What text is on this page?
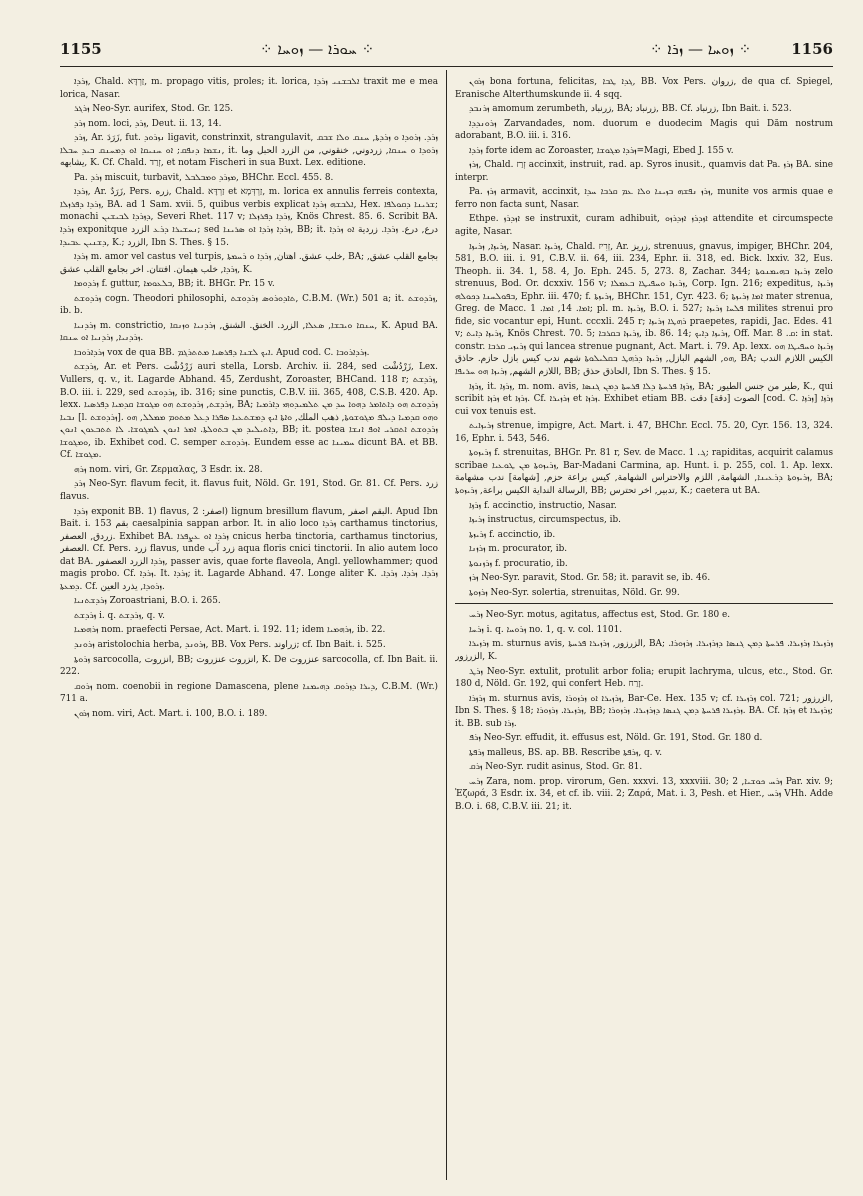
1155	⁘ ܚܘܪܐ — ܙܘܚܐ ⁘	⁘ ܙܘܚܐ — ܙܪܐ ⁘	1156

ܙܪܕܐ, Chald. זַרְדָּא, m. propago vitis, proles; it. lorica, ܐܠܒܫܢܝ ܙܪܕܐ traxit me e mea lorica, Nasar.

ܙܪܓܪ Neo-Syr. aurifex, Stod. Gr. 125.

ܙܪܕ nom. loci, ܙܪܕ, Deut. ii. 13, 14.

ܙܪܕ, Ar. زَرَدَ, fut. ܢܙܪܘܕ ligavit, constrinxit, strangulavit, ܙܪܕ. ܙܪܘܕܐ ܘ ܙܪܕܬܐ, ܚܢܩ ܘܠܐ ܫܒܩ ܢܫܡܐ ܕܢܦܩ; ܐܘ ܚܢܝܩܐ ܐܘ ܕܡܚܢܩ ܒܝܕ ܚܒܠܐ, it. ܙܪܘܕܐ ܘ ܚܢܩܐ, زردوني, خنقوني, من الزرد الحبل وما يشابهه, K. Cf. Chald. זְרַד, et notam Fischeri in sua Buxt. Lex. editione.

Pa. ܙܪܕ miscuit, turbavit, ܡܙܪܕ ܘܡܒܠܒܠ, BHChr. Eccl. 455. 8.

ܙܪܕܐ, Ar. زَرَدٌ, Pers. زره, Chald. זַרְדָּא et זַרְדְּמָא, m. lorica ex annulis ferreis contexta, ܙܪܕܐ ܕܦܪܙܠܐ, BA. ad 1 Sam. xvii. 5, quibus verbis explicat ܐܠܒܫܗ ܙܪܕܐ, Hex. ܫܪܝܢܐ ܕܩܘܠܦܐ; monachi ܕܙܪܕܐ ܠܒܝܫܝܢ, Severi Rhet. 117 v; ܙܪܕܐ ܕܦܪܙܠܐ, Knös Chrest. 85. 6. Scribit BA. ܙܪܕܐ exponitque ܢܚܫܝܪܐ ܕܪܥ الزرد; sed ܙܪܕܐ ܙܪܕܐ ܐܘ ܣܪܝܢܐ, BB; it. درع, درع. ܙܪܕܐ. زردية ܐܘ ܙܪܕܐ ܕܫܢܝܢ ܥܒܝܕܐ, K.; الزرد, Ibn S. Thes. § 15.

ܙܪܕܐ m. amor vel castus vel turpis, خلب عشق. اهتان, ܙܪܕܐ ܘ ܪܚܡܬܐ, BA; بجامع القلب عشق, ܙܪܕܐ, خلب هيمان. افتتان. اخر بجامع القلب عشق, K.

ܙܪܕܘܡܐ f. guttur, ܒܠܥܘܡܐ, BB; it. BHGr. Pr. 15 v.

ܙܪܕܘܫܬ cogn. Theodori philosophi, ܬܐܕܘܪܘܣ ܙܪܕܘܫܬ, C.B.M. (Wr.) 501 a; it. ܙܪܕܘܫܬ, ib. b.

ܙܪܕܢܝܐ m. constrictio, ܚܢܩܐ ܘܝܒܫܐ, ܣܥܠܐ, الزرد. الخنق. الشنق, ܙܪܕܢܝܐ ܘܙܢܩܐ, K. Apud BA. ܙܪܕܢܝܐ, ܙܪܕܢܝܐ ܐܘ ܚܢܩܐ.

ܙܪܕܐܪܘܒܐ vox de qua BB. ܐܝܟ ܠܫܢܐ ܕܦܪܣܝܐ ܡܬܬܪܓܡ. Apud cod. C. ܙܪܕܐܪܘܒܐ.

ܙܪܕܫܬ, Ar. et Pers. زَرْدُشْت auri stella, Lorsb. Archiv. ii. 284, sed زَرْدُشْت, Lex. Vullers, q. v., it. Lagarde Abhand. 45, Zerdusht, Zoroaster, BHCand. 118 r; ܙܪܕܫܬ, B.O. iii. i. 229, sed ܙܪܕܘܫܬ, ib. 316; sine punctis, C.B.V. iii. 365, 408, C.S.B. 420. Ap. lexx. ܙܪܕܫܬ, ܙܪܕܘܫܬ ܗܘ ܡܓܘܫܐ ܩܕܡܝܐ ܕܦܪܣܝܐ, BA; ܙܪܕܘܫܬ ܗܘ ܕܐܬܐܡܪ ܕܗܘܐ ܚܕ ܡܢ ܬܠܡܝܕܘܗܝ ܕܐܪܡܝܐ ܢܒܝܐ [l. ܙܪܕܘܫܬ]. ܘܗܘ ܩܕܡܝܐ ܕܝܠܦ ܡܓܘܫܘܬܐ, ذهب الملك, ܘܐܬܐ ܐܝܟ ܕܡܫܬܥܝܐ ܣܦܪܐ ܕܥܠ ܡܬܘܡ ܡܡܠܠ, ܗܘ ܕܐܬܝܠܝܕ ܡܢ ܒܬܘܠܬܐ. ܐܡܪ ܐܢܘܢ ܠܡܓܘܫܐ. ܠܐ ܬܬܒܥܘܢ ܐܢܘܢ, BB; it. postea ܙܪܕܘܫܬ ܐܬܩܪܝ ܐܘܦ ܐܢܫܐ ܘܡܓܘܫܐ, ib. Exhibet cod. C. semper ܙܪܕܘܫܬ. Eundem esse ac ܚܡܝܢܐ dicunt BA. et BB. Cf. ܡܓܘܫܐ.

ܙܪܗ nom. viri, Gr. Ζερμαλας, 3 Esdr. ix. 28.

ܙܪܕ Neo-Syr. flavum fecit, it. flavus fuit, Nöld. Gr. 191, Stod. Gr. 81. Cf. Pers. زرد flavus.

ܙܪܕܐ exponit BB. 1) flavus, اصفر: 2) lignum bresillum flavum, البقم اصفر. Apud Ibn Bait. i. 153 بقم caesalpinia sappan arbor. It. in alio loco ܙܪܕܐ carthamus tinctorius, زردق, العصفر. Exhibet BA. ܙܪܕܐ ܐܘ ܥܨܦܪܐ cnicus herba tinctoria, carthamus tinctorius, العصفر. Cf. Pers. زرد flavus, unde زرد آب aqua floris cnici tinctorii. In alio autem loco dat BA. ܙܪܕܐ الزرد العصفور, passer avis, quae forte flaveola, Angl. yellowhammer; quod magis probo. Cf. ܙܪܕܐ. It. ܙܪܕܐ; it. Lagarde Abhand. 47. Longe aliter K. ܙܪܕܐ. ܙܪܕܐ. ܙܪܕܐ. ܕܡܥܬܐ. Cf. ܙܪܘܕܐ, يذرد العين.

ܙܪܕܫܬܢܝܐ Zoroastriani, B.O. i. 265.

ܙܪܕܫܬ i. q. ܙܪܕܫܬ, q. v.

ܙܪܗܡܝܐ nom. praefecti Persae, Act. Mart. i. 192. 11; idem ܙܪܗܡܝܐ, ib. 22.

ܙܪܘܢܕ aristolochia herba, ܙܪܘܢܕ, BB. Vox Pers. زراوند; cf. Ibn Bait. i. 525.

ܙܪܘܬܐ sarcocolla, انزروت, BB; انزروت عنزروت, K. De عنزروت sarcocolla, cf. Ibn Bait. ii. 222.

ܙܪܘܩ nom. coenobii in regione Damascena, plene ܕܝܪܐ ܕܙܪܘܩ ܕܗܝܡܢܐ, C.B.M. (Wr.) 711 a.

ܙܪܘܢ nom. viri, Act. Mart. i. 100, B.O. i. 189.

ܙܪܘܢ bona fortuna, felicitas, ܓܕܐ ܛܒܐ, BB. Vox Pers. زروان, de qua cf. Spiegel, Eranische Alterthumskunde ii. 4 sqq.

ܙܪܢܒܕ amomum zerumbeth, زرنباد, BA; زرنباد, BB. Cf. زرنباد, Ibn Bait. i. 523.

ܙܪܘܢܕܕܐ Zarvandades, nom. duorum e duodecim Magis qui Dăm nostrum adorabant, B.O. iii. i. 316.

ܙܪܕܐ forte idem ac Zoroaster, ܙܪܕܐ ܡܓܘܫܐ=Magi, Ebed J. 155 v.

ܙܪܙ, Chald. זְרַז accinxit, instruit, rad. ap. Syros inusit., quamvis dat Pa. ܙܪܙ BA. sine interpr.

Pa. ܙܪܙ armavit, accinxit, ܙܪܙ ܢܦܫܗ ܒܙܝܢܐ ܘܠܐ ܥܡ ܩܪܒܐ ܚܕܐ, munite vos armis quae e ferro non facta sunt, Nasar.

Ethpe. ܐܙܕܪܙ se instruxit, curam adhibuit, ܐܙܕܪܙ ܐܙܕܪܙܘ attendite et circumspecte agite, Nasar.

ܙܪܝܙܐ, ܙܪܝܙܐ, Nasar. ܙܪܝܙܐ, Chald. זְרִיז, Ar. زريز, strenuus, gnavus, impiger, BHChr. 204, 581, B.O. iii. i. 91, C.B.V. ii. 64, iii. 234, Ephr. ii. 318, ed. Bick. lxxiv. 32, Eus. Theoph. ii. 34. 1, 58. 4, Jo. Eph. 245. 5, 273. 8, Zachar. 344; ܙܪܝܙܐ ܒܗܝܡܢܘܬܐ zelo strenuus, Bod. Or. dcxxiv. 156 v; ܙܪܝܙܐ ܘܚܦܝܛܐ ܒܥܡܠܐ, Corp. Ign. 216; expeditus, ܙܪܝܙܐ ܒܦܘܠܚܢܐ ܕܟܘܠܗ, Ephr. iii. 470; f. ܙܪܝܙܬܐ, BHChr. 151, Cyr. 423. 6; ܐܡܐ ܙܪܝܙܬܐ mater strenua, Greg. de Macc. ܐܡܐ. 14, ܐܡܐ. 1; pl. m. ܙܪܝܙܐ, B.O. i. 527; ܦܠܚܐ ܙܪܝܙܐ milites strenui pro fide, sic vocantur epi, Hunt. cccxli. 245 r; ܪܗܛܐ ܙܪܝܙܐ praepetes, rapidi, Jac. Edes. 41 v; ܙܪܝܙܐ ܕܐܝܬ, Knös Chrest. 70. 5; ܙܪܝܙܐ ܒܩܪܒܐ, ib. 86. 14; ܙܪܝܙܐ ܕܐܝܟ, Off. Mar. ܩ. 8: in stat. constr. ܙܪܝܙܝ ܩܪܒܐ qui lancea strenue pugnant, Act. Mart. i. 79. Ap. lexx. ܙܪܝܙܐ ܘܚܦܝܛܐ ܗܘ ܗܘ, الشهم البازل, ܙܪܝܙܐ ܕܪܗܛ ܒܩܠܝܠܘܬܐ شهم ندب كيس بازل حازم. حاذق, BA; الكيس اللازم الندب اللازم الشهم, ܙܪܝܙܐ ܗܘ ܚܪܝܦܐ, BB; الحاذق حذق, Ibn S. Thes. § 15.

ܙܪܙܐ, it. ܙܪܙܐ, m. nom. avis, ܙܪܙܐ ܦܪܚܬܐ ܕܠܐ ܦܪܚܬܐ ܕܡܢ ܓܢܣܐ, BA; طير من جنس الطيور, K., qui scribit ܙܪܙܐ et ܙܪܙܐ. Cf. ܙܪܙܝܪܐ et ܙܪܙܐ. Exhibet etiam BB. الصوت [دقة] دقت [cod. C. ܙܪܙܐ] ܙܪܙܐ cui vox tenuis est.

ܙܪܝܙܐܝܬ strenue, impigre, Act. Mart. i. 47, BHChr. Eccl. 75. 20, Cyr. 156. 13, 324. 16, Ephr. i. 543, 546.

ܙܪܝܙܘܬܐ f. strenuitas, BHGr. Pr. 81 r, Sev. de Macc. ܓ. 1; rapiditas, acquirit calamus scribae ܙܪܝܙܘܬܐ ܡܢ ܛܘܥܝܐ, Bar-Madani Carmina, ap. Hunt. i. p. 255, col. 1. Ap. lexx. ܙܪܝܙܘܬܐ ܕܪܥܝܢܐ, الشهامة, اللزم والاحتراس الشهامة, كيس براعة حزم, [شهامة] ندب مشهامة, BA; الرسالة النداية الكيس براعة, ܙܪܝܙܘܬܐ, BB; تدبير, اخر تحترس, K.; caetera ut BA.

ܙܪܙܐ f. accinctio, instructio, Nasar.

ܙܪܝܙܐ instructus, circumspectus, ib.

ܙܪܝܙܬܐ f. accinctio, ib.

ܙܪܙܢܐ m. procurator, ib.

ܙܪܙܢܘܬܐ f. procuratio, ib.

ܙܪܙ Neo-Syr. paravit, Stod. Gr. 58; it. paravit se, ib. 46.

ܙܪܙܘܬܐ Neo-Syr. solertia, strenuitas, Nöld. Gr. 99.

ܙܪܚ Neo-Syr. motus, agitatus, affectus est, Stod. Gr. 180 e.

ܙܪܚܐ i. q. ܙܪܘܚܐ no. 1, q. v. col. 1101.

ܙܪܙܝܪܐ m. sturnus avis, الزرزور, ܙܪܙܝܪܐ ܦܪܚܬܐ, BA; ܙܪܙܝܪܐ ܙܪܙܝܪܐ. ܦܪܚܬܐ ܕܡܢ ܓܢܣܐ ܕܙܪܙܝܪܐ. ܙܪܙܘܪܐ. الزرزور, K.

ܙܪܛ Neo-Syr. extulit, protulit arbor folia; erupit lachryma, ulcus, etc., Stod. Gr. 180 d, Nöld. Gr. 192, qui confert Heb. זָרַח.

ܙܪܙܪܐ m. sturnus avis, ܙܪܙܝܪܐ ܐܘ ܙܪܙܘܪܐ, Bar-Ce. Hex. 135 v; cf. ܙܪܙܝܪܐ col. 721; الزرزور, Ibn S. Thes. § 18; ܙܪܙܝܪܐ. ܙܪܙܘܪܐ, BB; ܙܪܙܝܪܐ ܦܪܚܬܐ ܕܡܢ ܓܢܣܐ ܕܙܪܙܝܪܐ. ܙܪܙܘܪܐ. BA. Cf. ܙܪܙܐ et ܙܪܙܝܪܐ; it. BB. sub ܙܪܐ.

ܙܪܦ Neo-Syr. effudit, it. effusus est, Nöld. Gr. 191, Stod. Gr. 180 d.

ܙܪܦܬܐ malleus, BS. ap. BB. Rescribe ܙܪܦܬܐ, q. v.

ܙܪܩ Neo-Syr. rudit asinus, Stod. Gr. 81.

ܙܪܚ Zara, nom. prop. virorum, Gen. xxxvi. 13, xxxviii. 30; ܙܪܚ ܟܘܫܝܐ, 2 Par. xiv. 9; Ἐζωρά, 3 Esdr. ix. 34, et cf. ib. viii. 2; Ζαρά, Mat. i. 3, Pesh. et Hier., ܙܪܚ VHh. Adde B.O. i. 68, C.B.V. iii. 21; it.
